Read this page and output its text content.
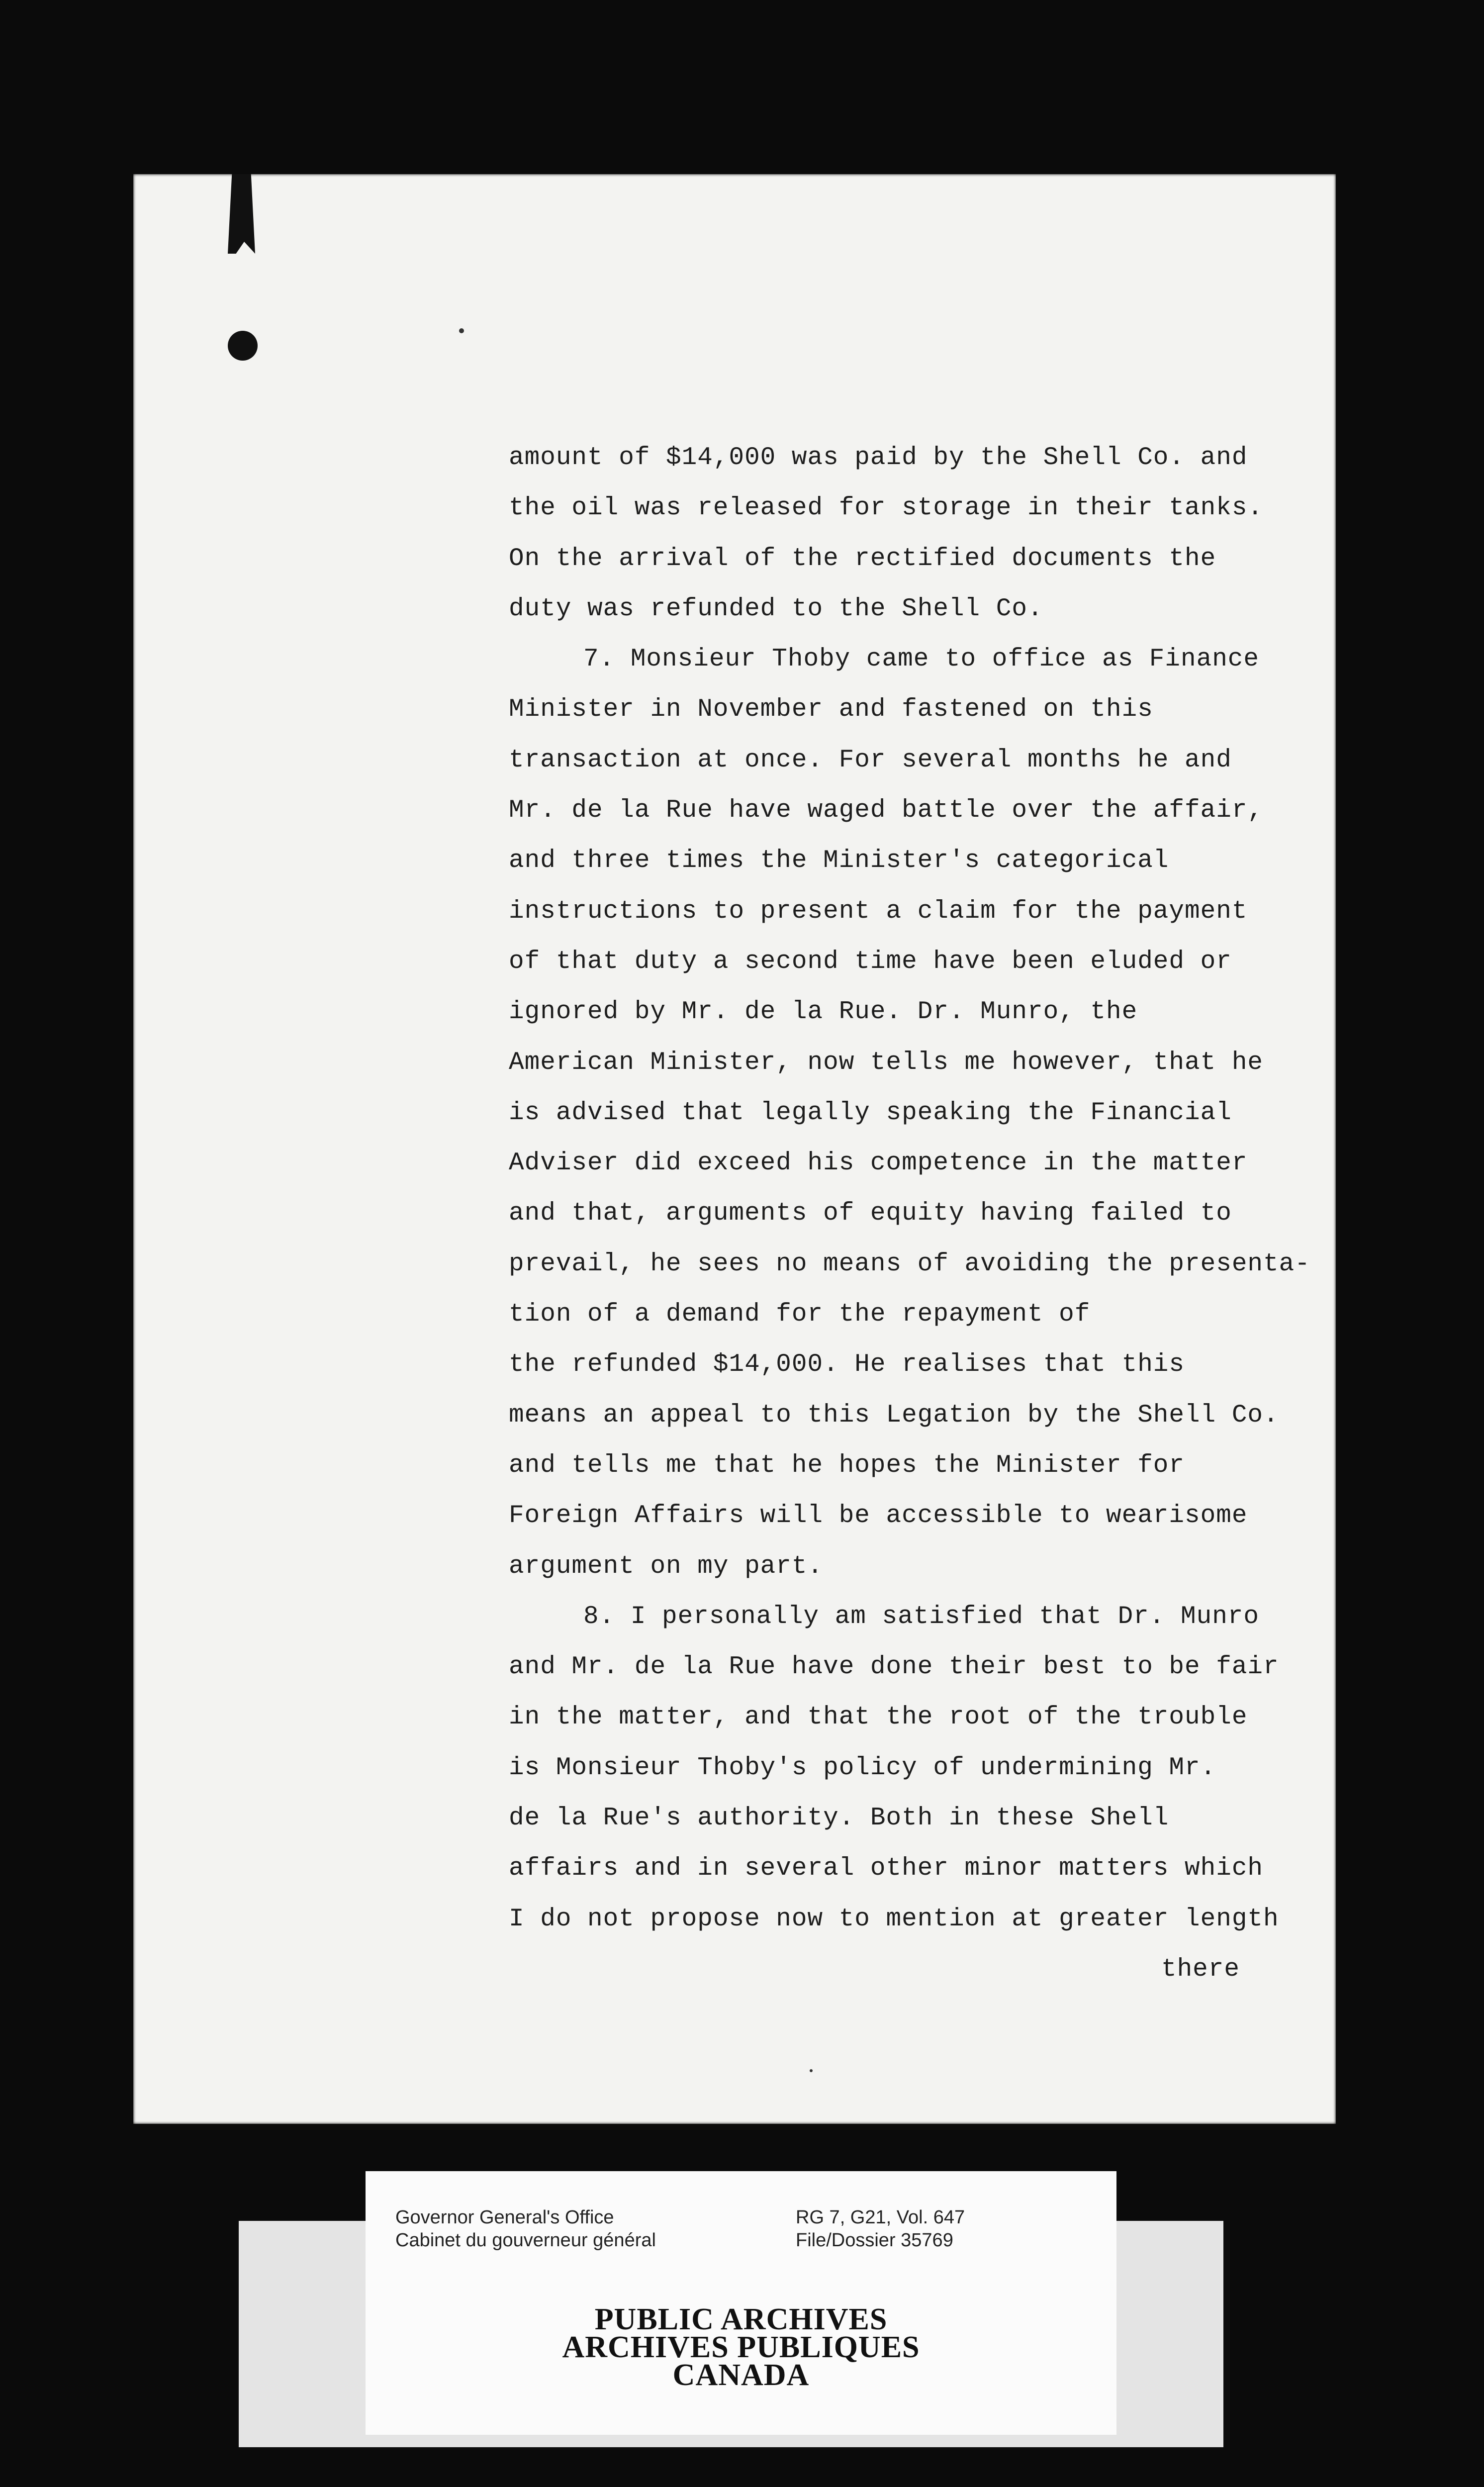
amount of $14,000 was paid by the Shell Co. and
the oil was released for storage in their tanks.
On the arrival of the rectified documents the
duty was refunded to the Shell Co.
7. Monsieur Thoby came to office as Finance
Minister in November and fastened on this
transaction at once. For several months he and
Mr. de la Rue have waged battle over the affair,
and three times the Minister's categorical
instructions to present a claim for the payment
of that duty a second time have been eluded or
ignored by Mr. de la Rue. Dr. Munro, the
American Minister, now tells me however, that he
is advised that legally speaking the Financial
Adviser did exceed his competence in the matter
and that, arguments of equity having failed to
prevail, he sees no means of avoiding the presenta-
tion of a demand for the repayment of
the refunded $14,000. He realises that this
means an appeal to this Legation by the Shell Co.
and tells me that he hopes the Minister for
Foreign Affairs will be accessible to wearisome
argument on my part.
8. I personally am satisfied that Dr. Munro
and Mr. de la Rue have done their best to be fair
in the matter, and that the root of the trouble
is Monsieur Thoby's policy of undermining Mr.
de la Rue's authority. Both in these Shell
affairs and in several other minor matters which
I do not propose now to mention at greater length
there
Governor General's Office
Cabinet du gouverneur général
RG 7, G21, Vol. 647
File/Dossier 35769
PUBLIC ARCHIVES
ARCHIVES PUBLIQUES
CANADA
